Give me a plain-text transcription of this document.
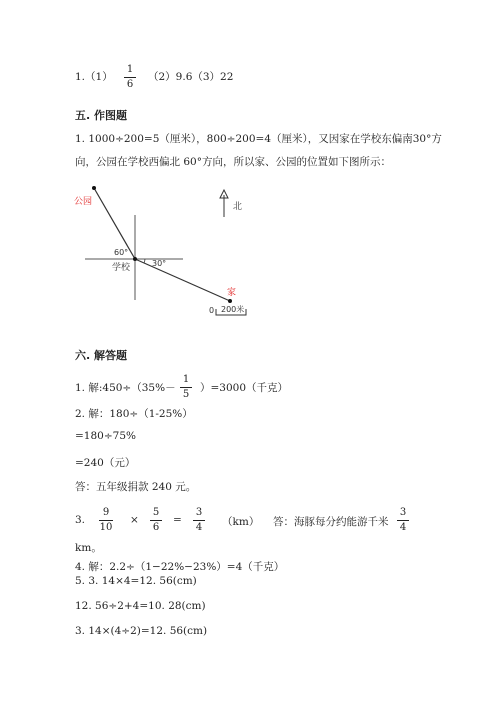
1.（1）
1
6
（2）9.6（3）22
五. 作图题
1. 1000÷200=5（厘米），800÷200=4（厘米），又因家在学校东偏南30°方
向，公园在学校西偏北 60°方向，所以家、公园的位置如下图所示：
公园
学校
家
北
60°
30°
0 200米
六. 解答题
1. 解:450÷（35%－
1
5
）=3000（千克）
2. 解：180÷（1-25%）
=180÷75%
=240（元）
答：五年级捐款 240 元。
3.
9
10
×
5
6
=
3
4	（km） 答：海豚每分约能游千米
3
4
km。
4. 解：2.2÷（1−22%−23%）=4（千克）
5. 3. 14×4=12. 56(cm)
12. 56÷2+4=10. 28(cm)
3. 14×(4÷2)=12. 56(cm)
